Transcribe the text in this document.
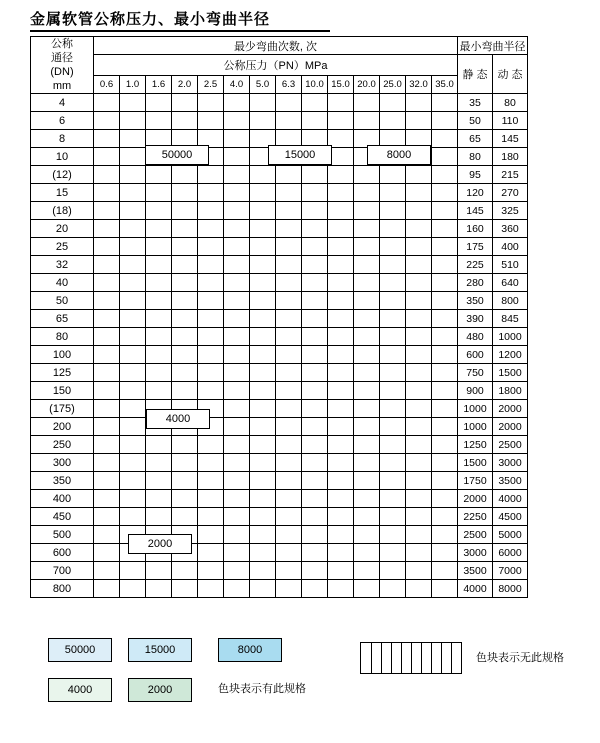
金属软管公称压力、最小弯曲半径
公称
通径
(DN)
mm	最少弯曲次数, 次														最小弯曲半径	
	公称压力（PN）MPa														静 态	动 态
	0.6	1.0	1.6	2.0	2.5	4.0	5.0	6.3	10.0	15.0	20.0	25.0	32.0	35.0		
4															35	80
6															50	110
8															65	145
10															80	180
(12)															95	215
15															120	270
(18)															145	325
20															160	360
25															175	400
32															225	510
40															280	640
50															350	800
65															390	845
80															480	1000
100															600	1200
125															750	1500
150															900	1800
(175)															1000	2000
200															1000	2000
250															1250	2500
300															1500	3000
350															1750	3500
400															2000	4000
450															2250	4500
500															2500	5000
600															3000	6000
700															3500	7000
800															4000	8000
50000	15000	8000
4000
2000
50000	15000	8000
4000	2000	色块表示有此规格
色块表示无此规格
